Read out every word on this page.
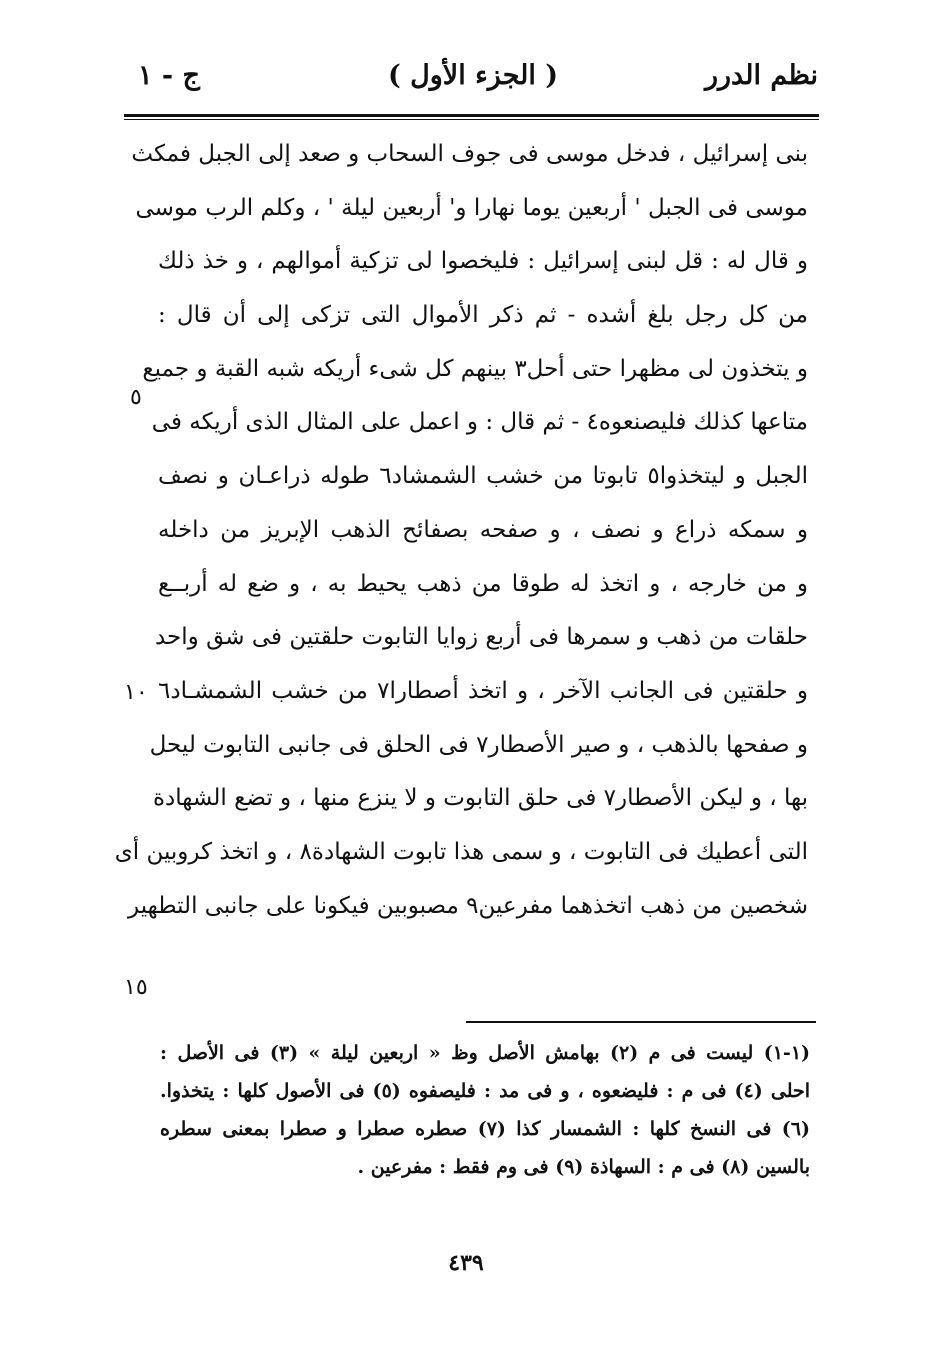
نظم الدرر
( الجزء الأول )
ج - ١
بنى إسرائيل ، فدخل موسى فى جوف السحاب و صعد إلى الجبل فمكث
موسى فى الجبل ' أربعين يوما نهارا و' أربعين ليلة ' ، وكلم الرب موسى
و قال له : قل لبنى إسرائيل : فليخصوا لى تزكية أموالهم ، و خذ ذلك
من كل رجل بلغ أشده - ثم ذكر الأموال التى تزكى إلى أن قال :
و يتخذون لى مظهرا حتى أحل٣ بينهم كل شىء أريكه شبه القبة و جميع
متاعها كذلك فليصنعوه٤ - ثم قال : و اعمل على المثال الذى أريكه فى
الجبل و ليتخذوا٥ تابوتا من خشب الشمشاد٦ طوله ذراعـان و نصف
و سمكه ذراع و نصف ، و صفحه بصفائح الذهب الإبريز من داخله
و من خارجه ، و اتخذ له طوقا من ذهب يحيط به ، و ضع له أربــع
حلقات من ذهب و سمرها فى أربع زوايا التابوت حلقتين فى شق واحد
و حلقتين فى الجانب الآخر ، و اتخذ أصطارا٧ من خشب الشمشـاد٦
و صفحها بالذهب ، و صير الأصطار٧ فى الحلق فى جانبى التابوت ليحل
بها ، و ليكن الأصطار٧ فى حلق التابوت و لا ينزع منها ، و تضع الشهادة
التى أعطيك فى التابوت ، و سمى هذا تابوت الشهادة٨ ، و اتخذ كروبين أى
شخصين من ذهب اتخذهما مفرعين٩ مصبوبين فيكونا على جانبى التطهير
٥
١٠
١٥
(١-١) ليست فى م (٢) بهامش الأصل وظ « اربعين ليلة » (٣) فى الأصل :
احلى (٤) فى م : فليضعوه ، و فى مد : فليصفوه (٥) فى الأصول كلها : يتخذوا.
(٦) فى النسخ كلها : الشمسار كذا (٧) صطره صطرا و صطرا بمعنى سطره
بالسين (٨) فى م : السهاذة (٩) فى وم فقط : مفرعين .
٤٣٩
